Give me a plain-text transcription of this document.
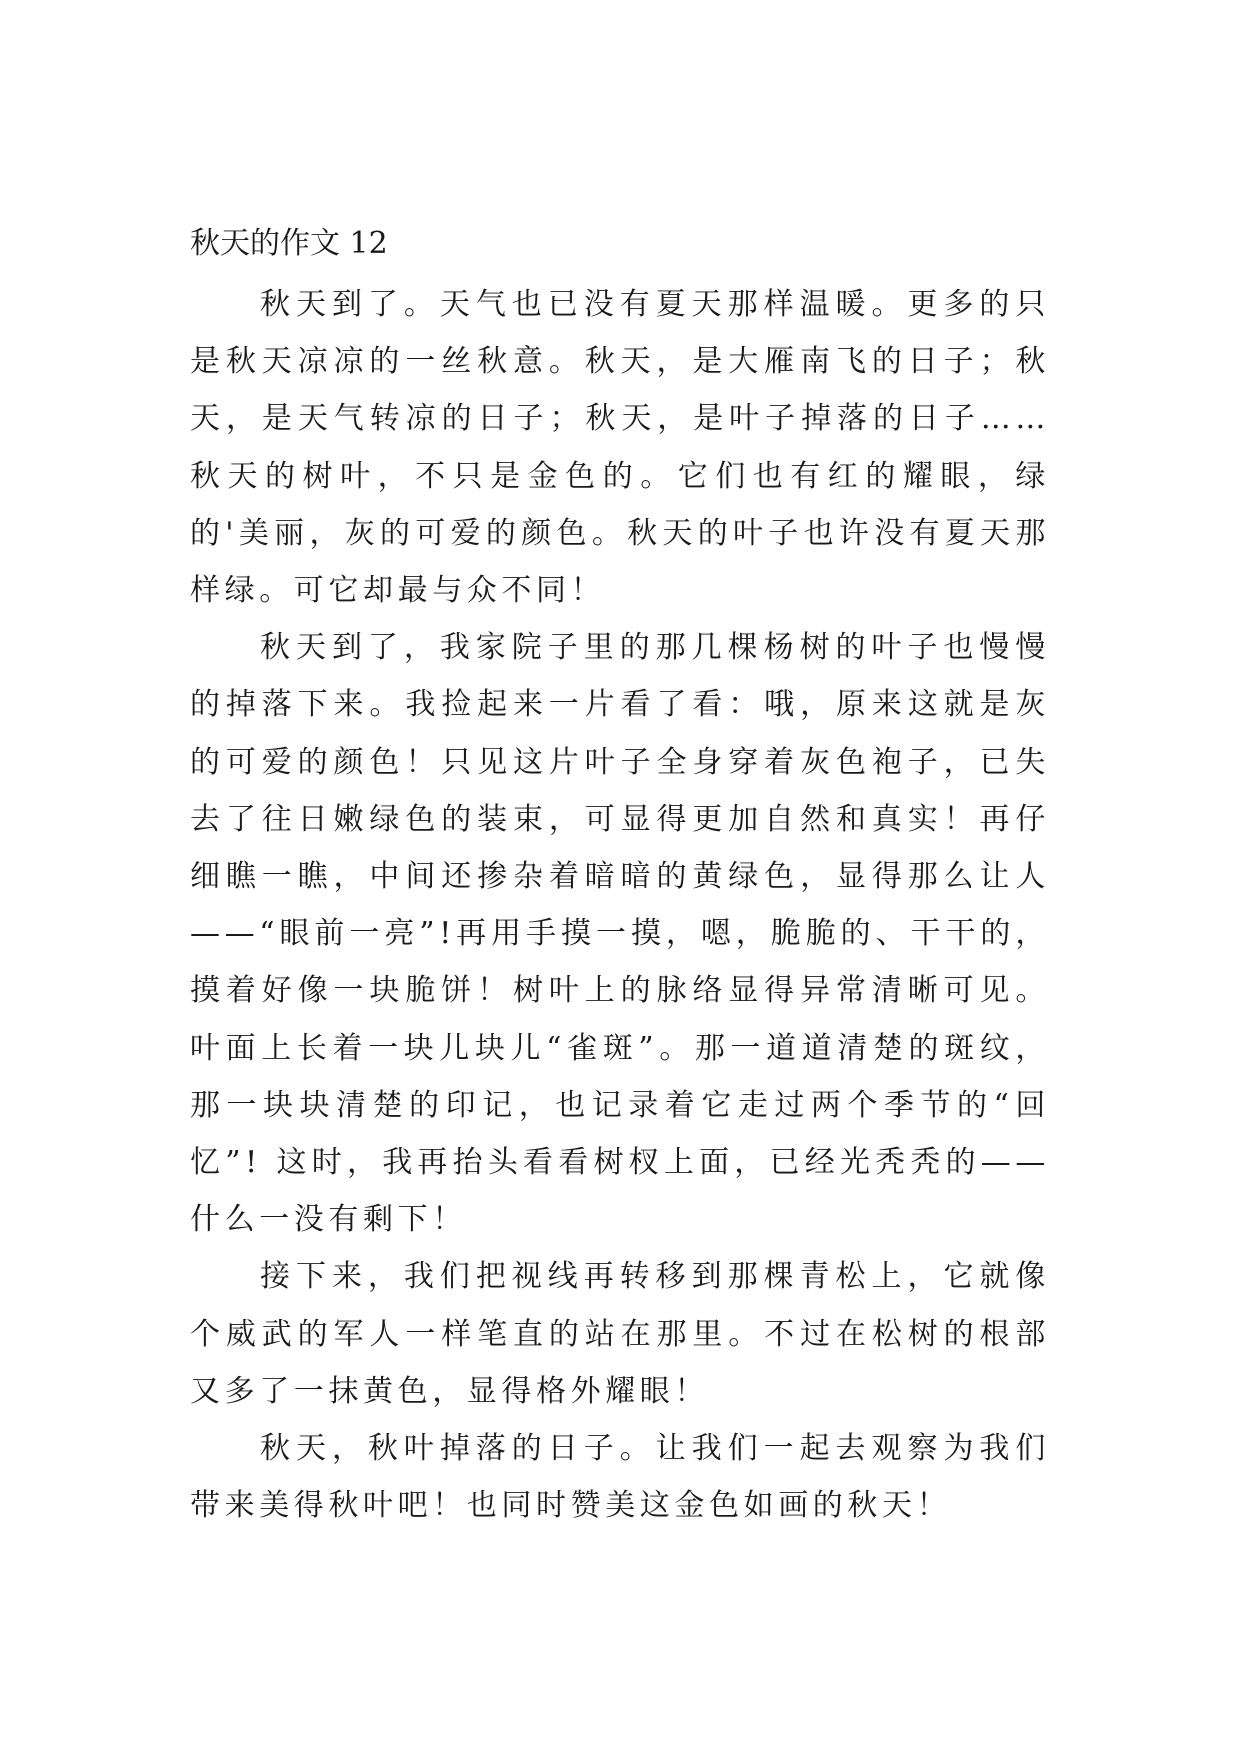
秋天的作文 12

秋天到了。天气也已没有夏天那样温暖。更多的只是秋天凉凉的一丝秋意。秋天，是大雁南飞的日子；秋天，是天气转凉的日子；秋天，是叶子掉落的日子……秋天的树叶，不只是金色的。它们也有红的耀眼，绿的'美丽，灰的可爱的颜色。秋天的叶子也许没有夏天那样绿。可它却最与众不同！

秋天到了，我家院子里的那几棵杨树的叶子也慢慢的掉落下来。我捡起来一片看了看：哦，原来这就是灰的可爱的颜色！只见这片叶子全身穿着灰色袍子，已失去了往日嫩绿色的装束，可显得更加自然和真实！再仔细瞧一瞧，中间还掺杂着暗暗的黄绿色，显得那么让人——“眼前一亮”!再用手摸一摸，嗯，脆脆的、干干的，摸着好像一块脆饼！树叶上的脉络显得异常清晰可见。叶面上长着一块儿块儿“雀斑”。那一道道清楚的斑纹，那一块块清楚的印记，也记录着它走过两个季节的“回忆”! 这时，我再抬头看看树杈上面，已经光秃秃的——什么一没有剩下！

接下来，我们把视线再转移到那棵青松上，它就像个威武的军人一样笔直的站在那里。不过在松树的根部又多了一抹黄色，显得格外耀眼！

秋天，秋叶掉落的日子。让我们一起去观察为我们带来美得秋叶吧！也同时赞美这金色如画的秋天！
